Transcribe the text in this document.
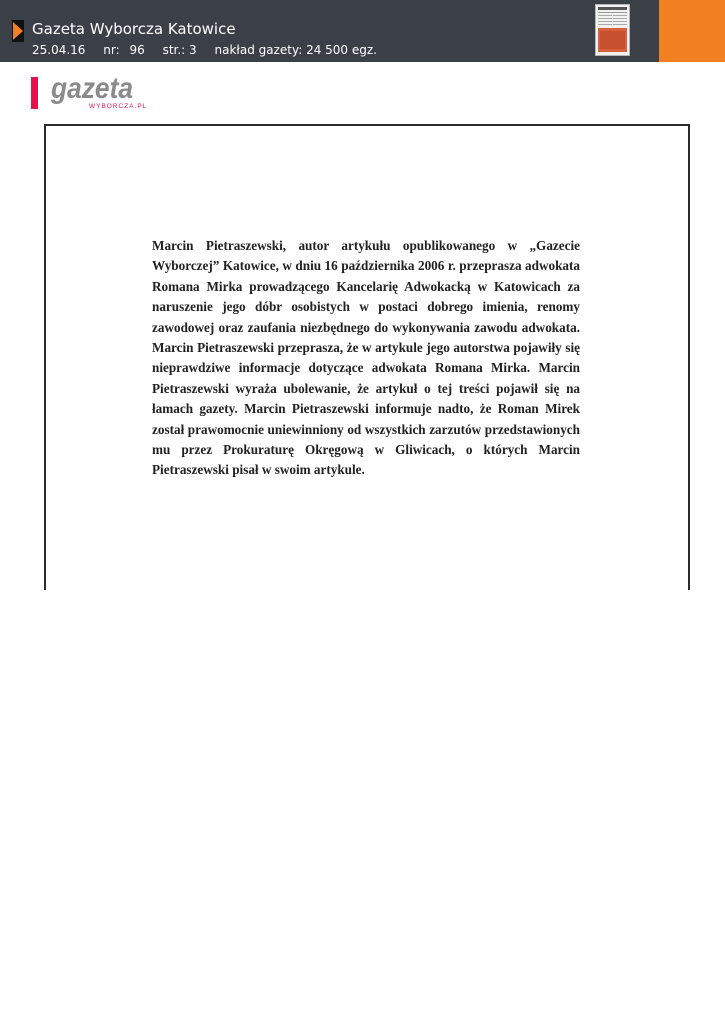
Gazeta Wyborcza Katowice
25.04.16 nr: 96 str.: 3 nakład gazety: 24 500 egz.
gazeta
WYBORCZA.PL

Marcin Pietraszewski, autor artykułu opublikowanego w „Gazecie Wyborczej” Katowice, w dniu 16 października 2006 r. przeprasza adwokata Romana Mirka prowadzącego Kancelarię Adwokacką w Katowicach za naruszenie jego dóbr osobistych w postaci dobrego imienia, renomy zawodowej oraz zaufania niezbędnego do wykonywania zawodu adwokata. Marcin Pietraszewski przeprasza, że w artykule jego autorstwa pojawiły się nieprawdziwe informacje dotyczące adwokata Romana Mirka. Marcin Pietraszewski wyraża ubolewanie, że artykuł o tej treści pojawił się na łamach gazety. Marcin Pietraszewski informuje nadto, że Roman Mirek został prawomocnie uniewinniony od wszystkich zarzutów przedstawionych mu przez Prokuraturę Okręgową w Gliwicach, o których Marcin Pietraszewski pisał w swoim artykule.
